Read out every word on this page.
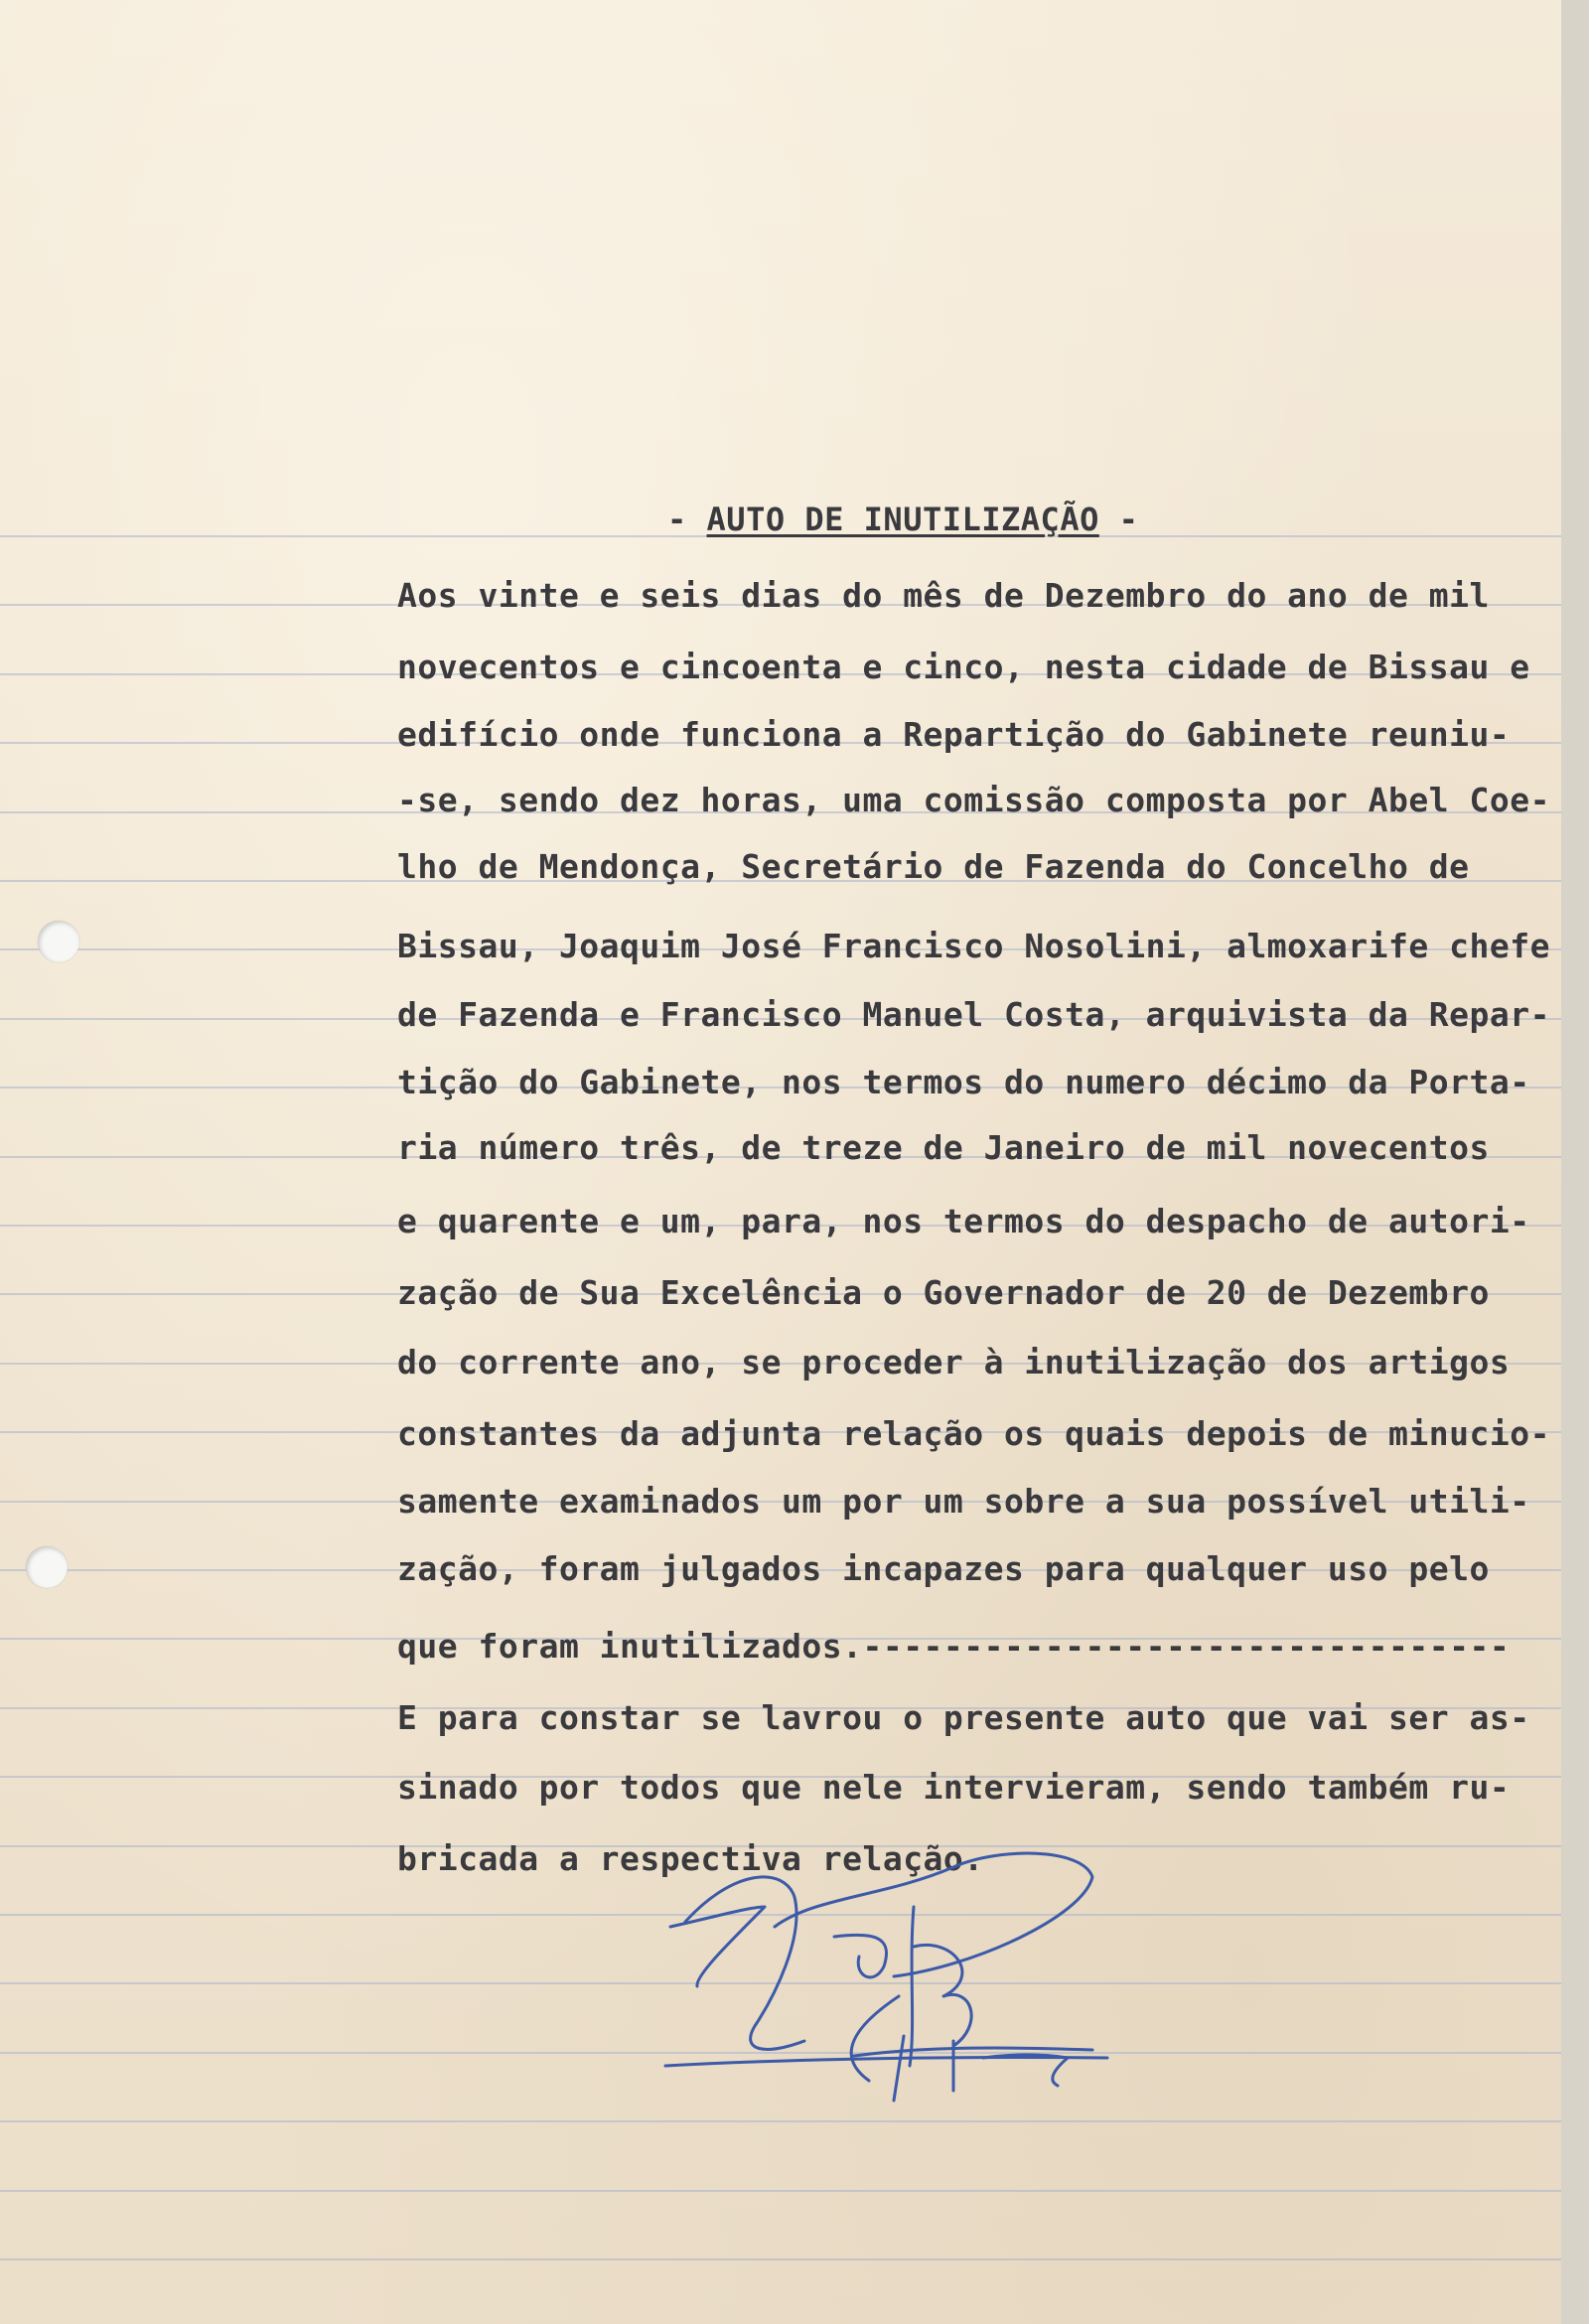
- AUTO DE INUTILIZAÇÃO -
Aos vinte e seis dias do mês de Dezembro do ano de mil
novecentos e cincoenta e cinco, nesta cidade de Bissau e
edifício onde funciona a Repartição do Gabinete reuniu-
-se, sendo dez horas, uma comissão composta por Abel Coe-
lho de Mendonça, Secretário de Fazenda do Concelho de
Bissau, Joaquim José Francisco Nosolini, almoxarife chefe
de Fazenda e Francisco Manuel Costa, arquivista da Repar-
tição do Gabinete, nos termos do numero décimo da Porta-
ria número três, de treze de Janeiro de mil novecentos
e quarente e um, para, nos termos do despacho de autori-
zação de Sua Excelência o Governador de 20 de Dezembro
do corrente ano, se proceder à inutilização dos artigos
constantes da adjunta relação os quais depois de minucio-
samente examinados um por um sobre a sua possível utili-
zação, foram julgados incapazes para qualquer uso pelo
que foram inutilizados.--------------------------------
E para constar se lavrou o presente auto que vai ser as-
sinado por todos que nele intervieram, sendo também ru-
bricada a respectiva relação.
